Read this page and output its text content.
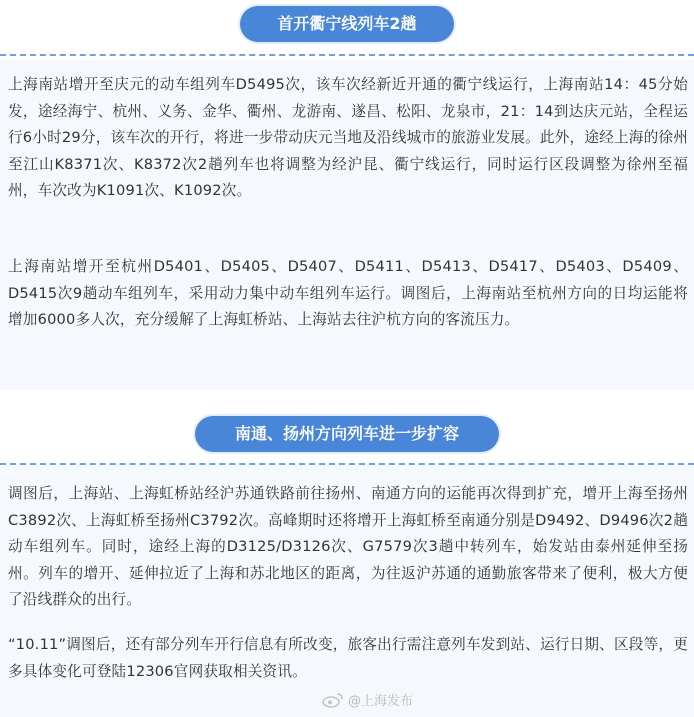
首开衢宁线列车2趟

上海南站增开至庆元的动车组列车D5495次，该车次经新近开通的衢宁线运行，上海南站14：45分始发，途经海宁、杭州、义务、金华、衢州、龙游南、遂昌、松阳、龙泉市，21：14到达庆元站，全程运行6小时29分，该车次的开行，将进一步带动庆元当地及沿线城市的旅游业发展。此外，途经上海的徐州至江山K8371次、K8372次2趟列车也将调整为经沪昆、衢宁线运行，同时运行区段调整为徐州至福州，车次改为K1091次、K1092次。

上海南站增开至杭州D5401、D5405、D5407、D5411、D5413、D5417、D5403、D5409、D5415次9趟动车组列车，采用动力集中动车组列车运行。调图后，上海南站至杭州方向的日均运能将增加6000多人次，充分缓解了上海虹桥站、上海站去往沪杭方向的客流压力。

南通、扬州方向列车进一步扩容

调图后，上海站、上海虹桥站经沪苏通铁路前往扬州、南通方向的运能再次得到扩充，增开上海至扬州C3892次、上海虹桥至扬州C3792次。高峰期时还将增开上海虹桥至南通分别是D9492、D9496次2趟动车组列车。同时，途经上海的D3125/D3126次、G7579次3趟中转列车，始发站由泰州延伸至扬州。列车的增开、延伸拉近了上海和苏北地区的距离，为往返沪苏通的通勤旅客带来了便利，极大方便了沿线群众的出行。

“10.11”调图后，还有部分列车开行信息有所改变，旅客出行需注意列车发到站、运行日期、区段等，更多具体变化可登陆12306官网获取相关资讯。

@上海发布
